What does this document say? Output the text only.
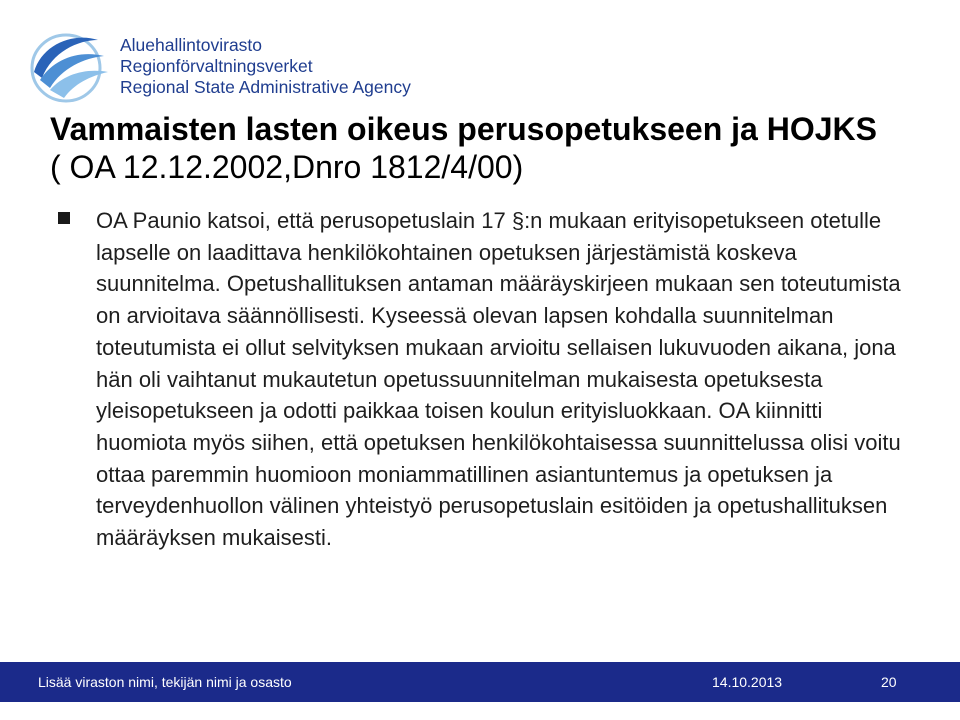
Aluehallintovirasto
Regionförvaltningsverket
Regional State Administrative Agency
Vammaisten lasten oikeus perusopetukseen ja HOJKS
( OA 12.12.2002,Dnro 1812/4/00)
OA Paunio katsoi, että perusopetuslain 17 §:n mukaan erityisopetukseen otetulle lapselle on laadittava henkilökohtainen opetuksen järjestämistä koskeva suunnitelma. Opetushallituksen antaman määräyskirjeen mukaan sen toteutumista on arvioitava säännöllisesti. Kyseessä olevan lapsen kohdalla suunnitelman toteutumista ei ollut selvityksen mukaan arvioitu sellaisen lukuvuoden aikana, jona hän oli vaihtanut mukautetun opetussuunnitelman mukaisesta opetuksesta yleisopetukseen ja odotti paikkaa toisen koulun erityisluokkaan. OA kiinnitti huomiota myös siihen, että opetuksen henkilökohtaisessa suunnittelussa olisi voitu ottaa paremmin huomioon moniammatillinen asiantuntemus ja opetuksen ja terveydenhuollon välinen yhteistyö perusopetuslain esitöiden ja opetushallituksen määräyksen mukaisesti.
Lisää viraston nimi, tekijän nimi ja osasto	14.10.2013	20
